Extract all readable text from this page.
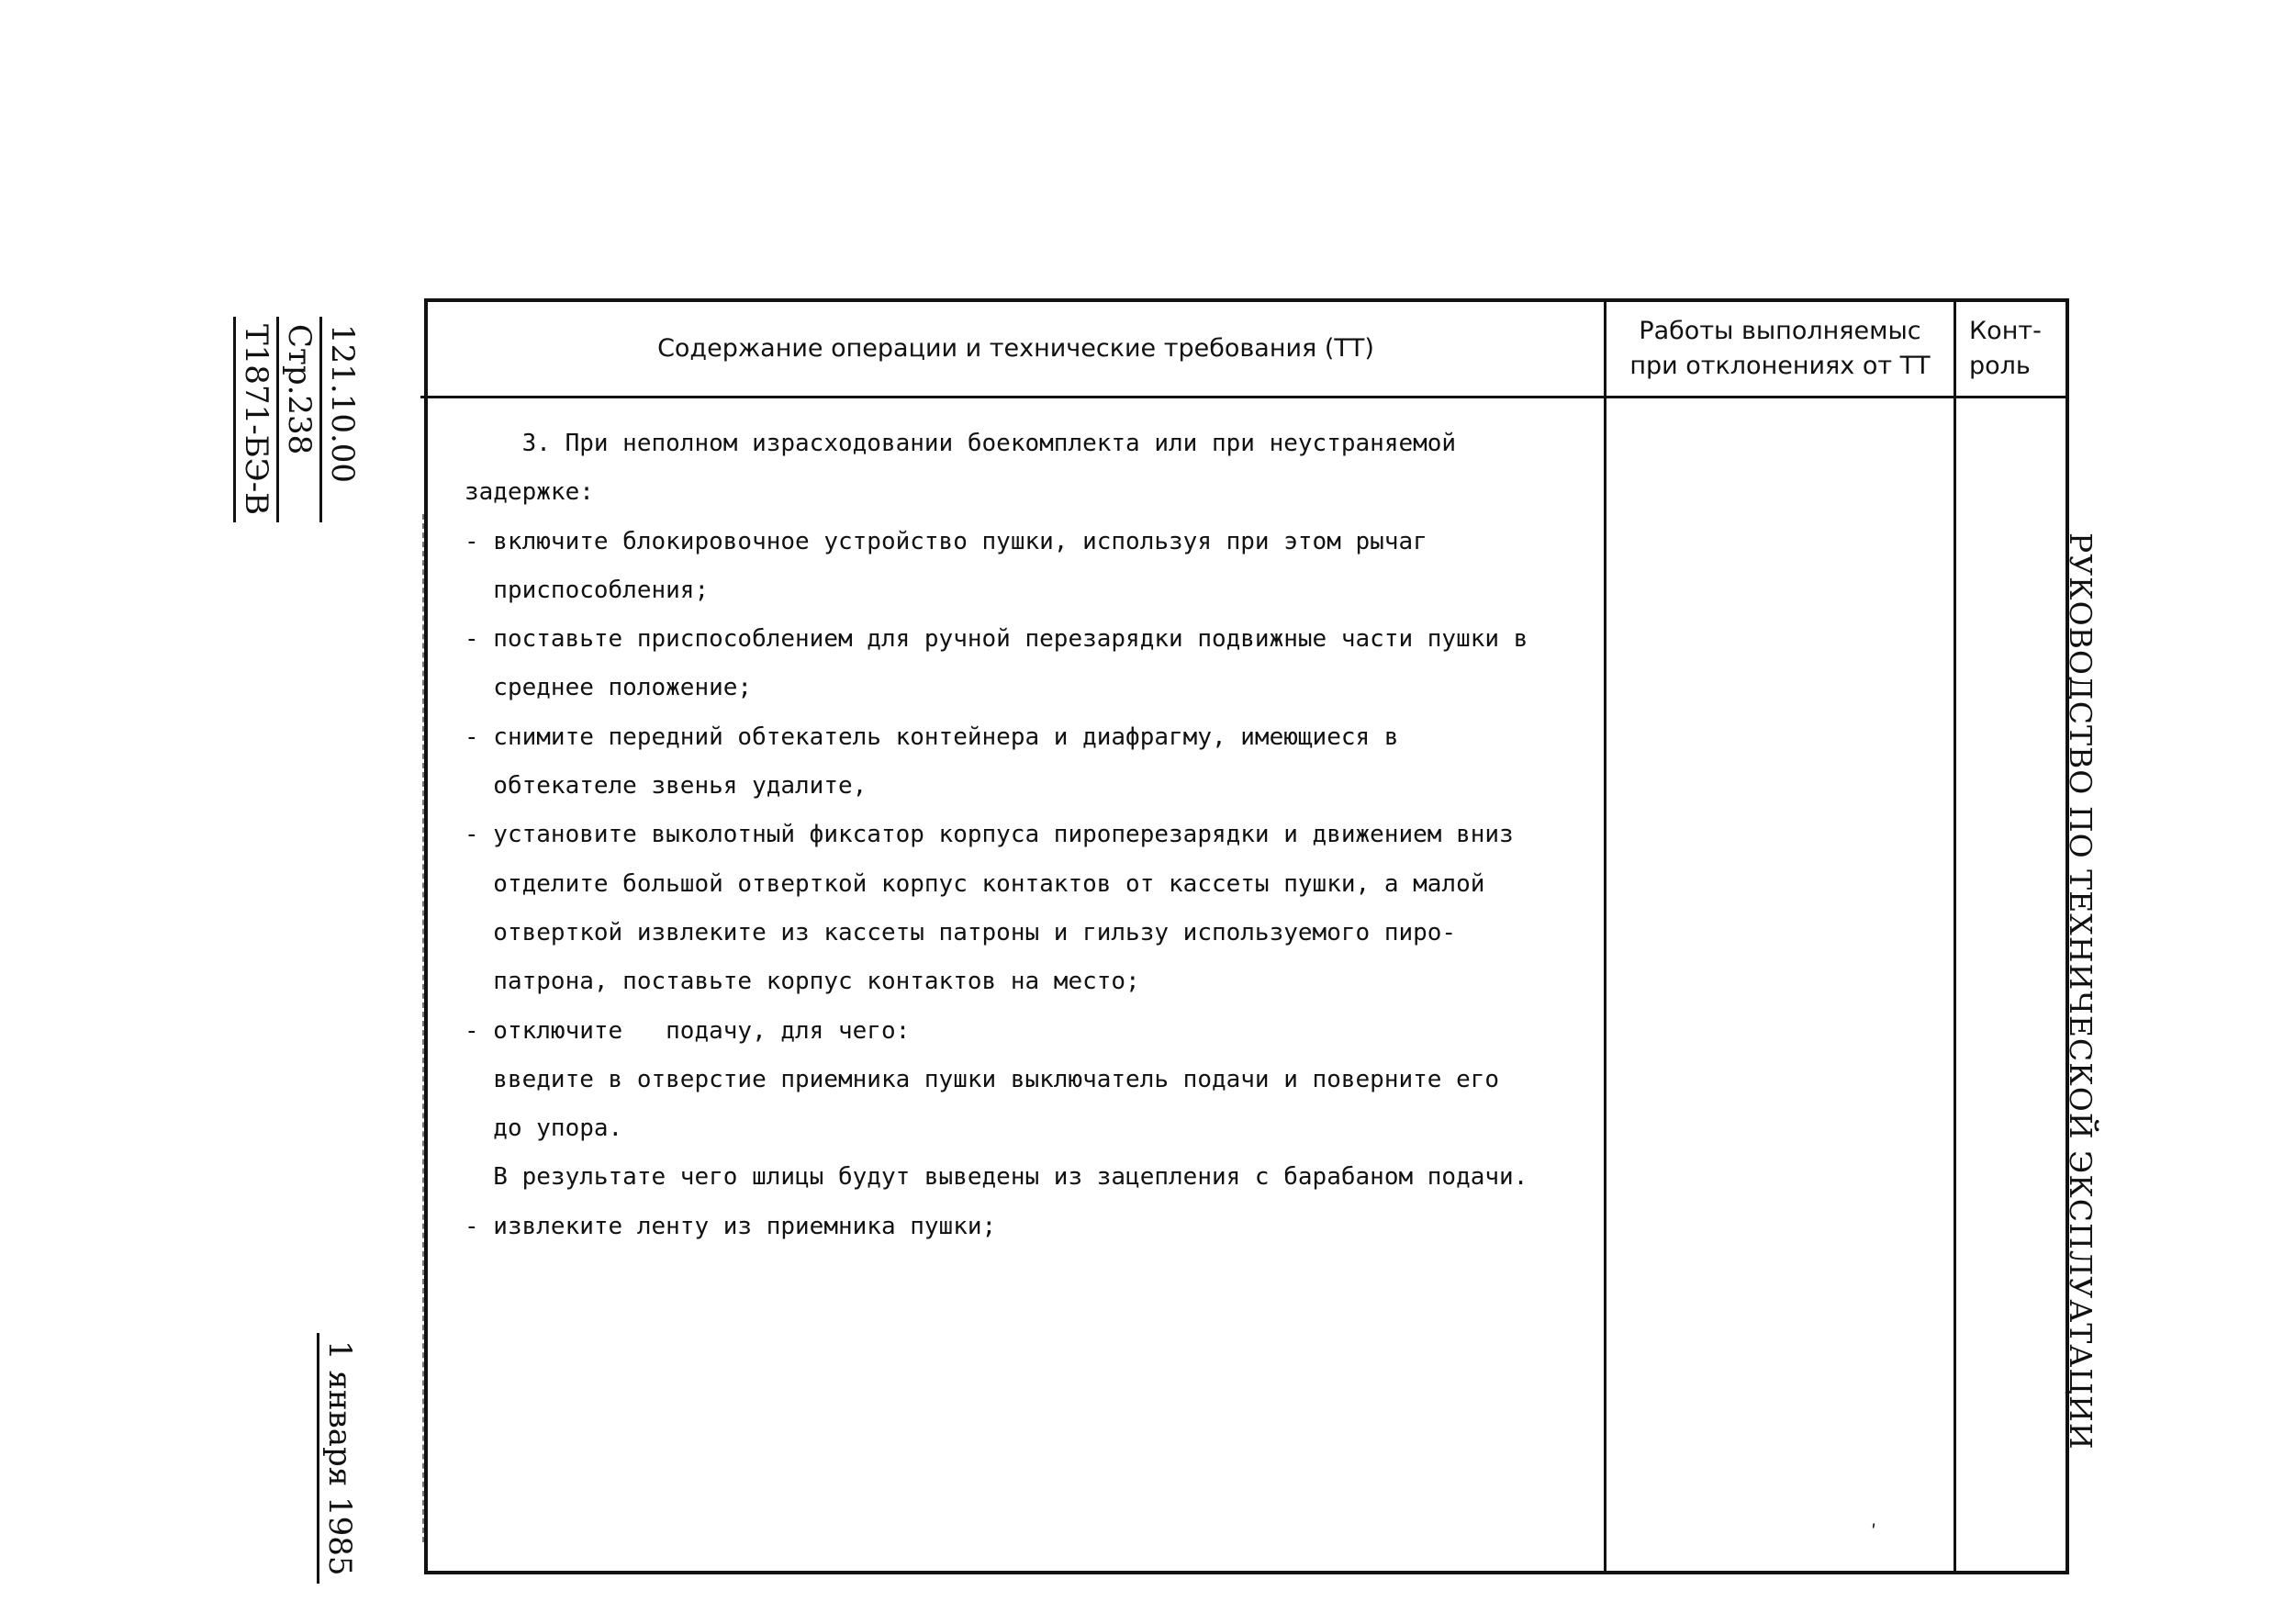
121.10.00
Стр.238
Т1871-БЭ-В
1 января 1985
Содержание операции и технические требования (ТТ)
Работы выполняемыс
при отклонениях от ТТ
Конт-
роль
3. При неполном израсходовании боекомплекта или при неустраняемой
задержке:
- включите блокировочное устройство пушки, используя при этом рычаг
приспособления;
- поставьте приспособлением для ручной перезарядки подвижные части пушки в
среднее положение;
- снимите передний обтекатель контейнера и диафрагму, имеющиеся в
обтекателе звенья удалите,
- установите выколотный фиксатор корпуса пироперезарядки и движением вниз
отделите большой отверткой корпус контактов от кассеты пушки, а малой
отверткой извлеките из кассеты патроны и гильзу используемого пиро-
патрона, поставьте корпус контактов на место;
- отключите   подачу, для чего:
введите в отверстие приемника пушки выключатель подачи и поверните его
до упора.
В результате чего шлицы будут выведены из зацепления с барабаном подачи.
- извлеките ленту из приемника пушки;	РУКОВОДСТВО ПО ТЕХНИЧЕСКОЙ ЭКСПЛУАТАЦИИ
ʹ
